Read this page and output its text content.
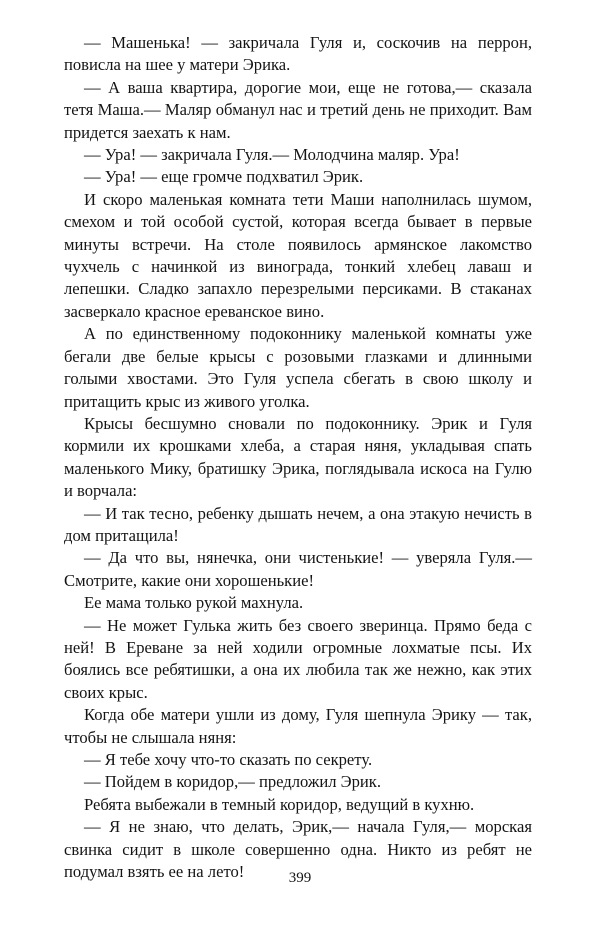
— Машенька! — закричала Гуля и, соскочив на перрон, повисла на шее у матери Эрика.

— А ваша квартира, дорогие мои, еще не готова,— сказала тетя Маша.— Маляр обманул нас и третий день не приходит. Вам придется заехать к нам.

— Ура! — закричала Гуля.— Молодчина маляр. Ура!

— Ура! — еще громче подхватил Эрик.

И скоро маленькая комната тети Маши наполнилась шумом, смехом и той особой сустой, которая всегда бывает в первые минуты встречи. На столе появилось армянское лакомство чухчель с начинкой из винограда, тонкий хлебец лаваш и лепешки. Сладко запахло перезрелыми персиками. В стаканах засверкало красное ереванское вино.

А по единственному подоконнику маленькой комнаты уже бегали две белые крысы с розовыми глазками и длинными голыми хвостами. Это Гуля успела сбегать в свою школу и притащить крыс из живого уголка.

Крысы бесшумно сновали по подоконнику. Эрик и Гуля кормили их крошками хлеба, а старая няня, укладывая спать маленького Мику, братишку Эрика, поглядывала искоса на Гулю и ворчала:

— И так тесно, ребенку дышать нечем, а она этакую нечисть в дом притащила!

— Да что вы, нянечка, они чистенькие! — уверяла Гуля.— Смотрите, какие они хорошенькие!

Ее мама только рукой махнула.

— Не может Гулька жить без своего зверинца. Прямо беда с ней! В Ереване за ней ходили огромные лохматые псы. Их боялись все ребятишки, а она их любила так же нежно, как этих своих крыс.

Когда обе матери ушли из дому, Гуля шепнула Эрику — так, чтобы не слышала няня:

— Я тебе хочу что-то сказать по секрету.

— Пойдем в коридор,— предложил Эрик.

Ребята выбежали в темный коридор, ведущий в кухню.

— Я не знаю, что делать, Эрик,— начала Гуля,— морская свинка сидит в школе совершенно одна. Никто из ребят не подумал взять ее на лето!	399
